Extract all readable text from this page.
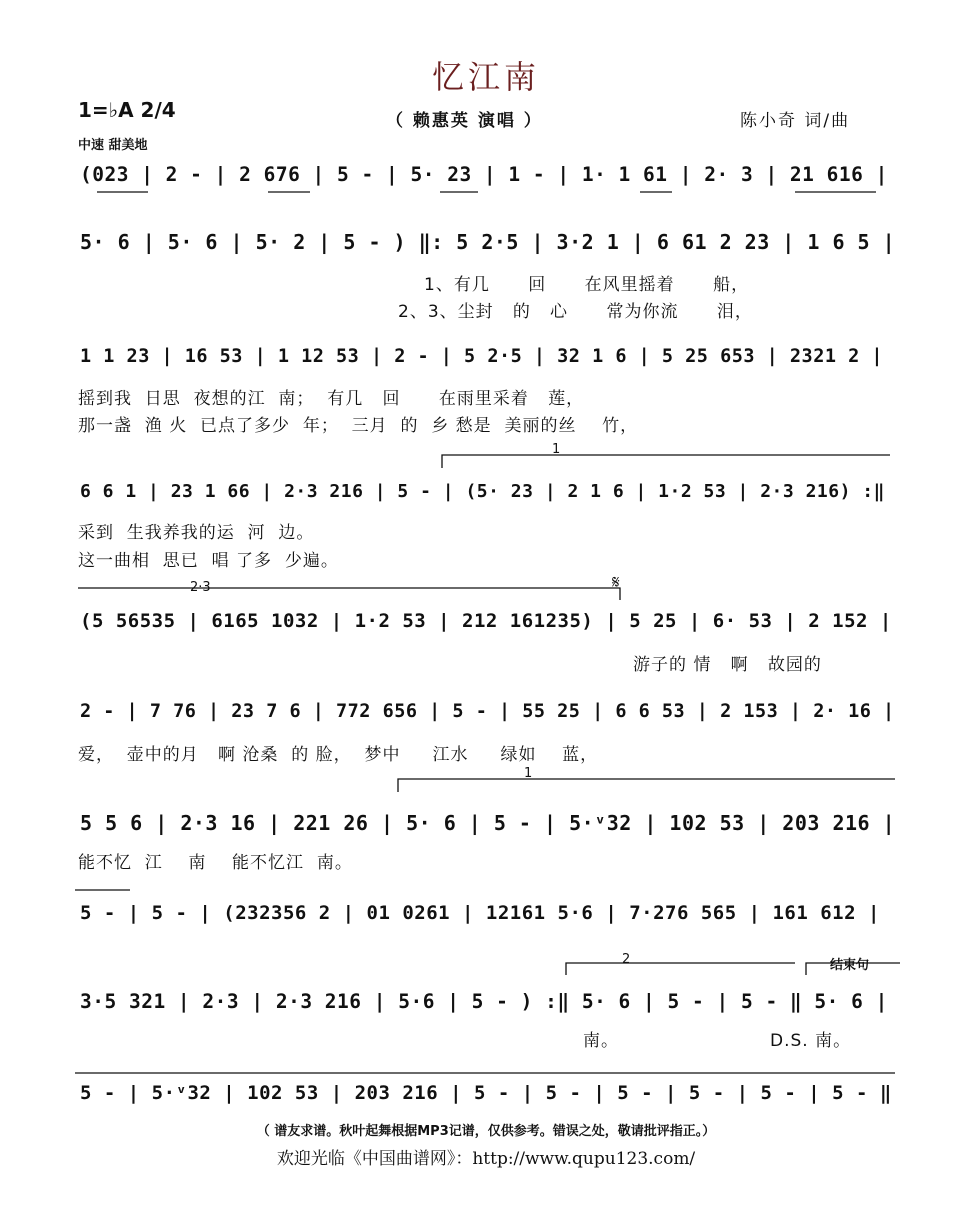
忆江南
1=♭A 2/4
中速 甜美地
（ 赖惠英 演唱 ）	陈小奇 词/曲
1
2·3	𝄋
1
2	结束句
(023 | 2 - | 2 676 | 5 - | 5· 23 | 1 - | 1· 1 61 | 2· 3 | 21 616 |
5· 6 | 5· 6 | 5· 2 | 5 - ) ‖: 5 2·5 | 3·2 1 | 6 61 2 23 | 1 6 5 |
1、有几      回      在风里摇着      船，
2、3、尘封   的   心      常为你流      泪，
1 1 23 | 16 53 | 1 12 53 | 2 - | 5 2·5 | 32 1 6 | 5 25 653 | 2321 2 |
摇到我  日思  夜想的江  南；  有几   回      在雨里采着   莲，
那一盏  渔 火  已点了多少  年；  三月  的  乡 愁是  美丽的丝    竹，
6 6 1 | 23 1 66 | 2·3 216 | 5 - | (5· 23 | 2 1 6 | 1·2 53 | 2·3 216) :‖
采到  生我养我的运  河  边。
这一曲相  思已  唱 了多  少遍。
(5 56535 | 6165 1032 | 1·2 53 | 212 161235) | 5 25 | 6· 53 | 2 152 |
游子的 情   啊   故园的
2 - | 7 76 | 23 7 6 | 772 656 | 5 - | 55 25 | 6 6 53 | 2 153 | 2· 16 |
爱，  壶中的月   啊 沧桑  的 脸，  梦中     江水     绿如    蓝，
5 5 6 | 2·3 16 | 221 26 | 5· 6 | 5 - | 5·ᵛ32 | 102 53 | 203 216 |
能不忆  江    南    能不忆江  南。
5 - | 5 - | (232356 2 | 01 0261 | 12161 5·6 | 7·276 565 | 161 612 |
3·5 321 | 2·3 | 2·3 216 | 5·6 | 5 - ) :‖ 5· 6 | 5 - | 5 - ‖ 5· 6 |
南。	D.S. 南。
5 - | 5·ᵛ32 | 102 53 | 203 216 | 5 - | 5 - | 5 - | 5 - | 5 - | 5 - ‖
（ 谱友求谱。秋叶起舞根据MP3记谱，仅供参考。错误之处，敬请批评指正。）
欢迎光临《中国曲谱网》：http://www.qupu123.com/
